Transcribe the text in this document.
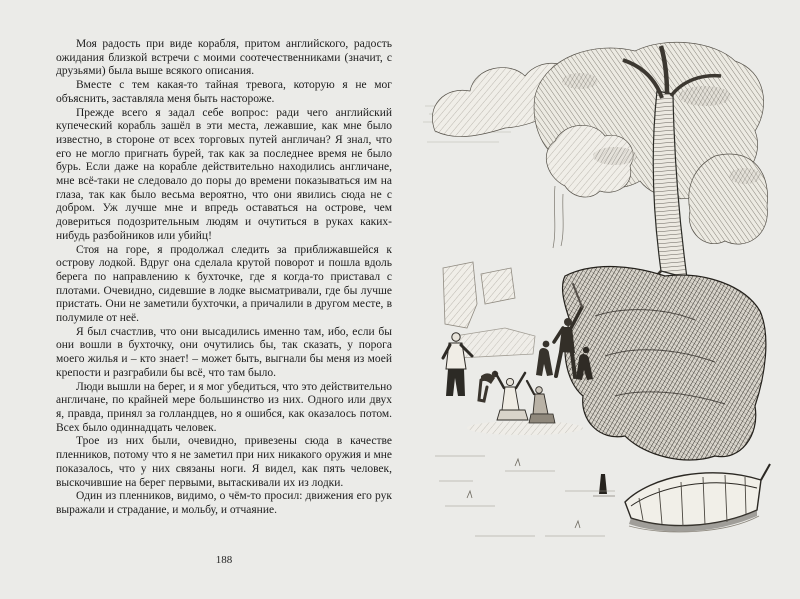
Моя радость при виде корабля, притом английского, радость ожидания близкой встречи с моими соотечественниками (значит, с друзьями) была выше всякого описания.

Вместе с тем какая-то тайная тревога, которую я не мог объяснить, заставляла меня быть настороже.

Прежде всего я задал себе вопрос: ради чего английский купеческий корабль зашёл в эти места, лежавшие, как мне было известно, в стороне от всех торговых путей англичан? Я знал, что его не могло пригнать бурей, так как за последнее время не было бурь. Если даже на корабле действительно находились англичане, мне всё-таки не следовало до поры до времени показываться им на глаза, так как было весьма вероятно, что они явились сюда не с добром. Уж лучше мне и впредь оставаться на острове, чем довериться подозрительным людям и очутиться в руках каких-нибудь разбойников или убийц!

Стоя на горе, я продолжал следить за приближавшейся к острову лодкой. Вдруг она сделала крутой поворот и пошла вдоль берега по направлению к бухточке, где я когда-то приставал с плотами. Очевидно, сидевшие в лодке высматривали, где бы лучше пристать. Они не заметили бухточки, а причалили в другом месте, в полумиле от неё.

Я был счастлив, что они высадились именно там, ибо, если бы они вошли в бухточку, они очутились бы, так сказать, у порога моего жилья и – кто знает! – может быть, выгнали бы меня из моей крепости и разграбили бы всё, что там было.

Люди вышли на берег, и я мог убедиться, что это действительно англичане, по крайней мере большинство из них. Одного или двух я, правда, принял за голландцев, но я ошибся, как оказалось потом. Всех было одиннадцать человек.

Трое из них были, очевидно, привезены сюда в качестве пленников, потому что я не заметил при них никакого оружия и мне показалось, что у них связаны ноги. Я видел, как пять человек, выскочившие на берег первыми, вытаскивали их из лодки.

Один из пленников, видимо, о чём-то просил: движения его рук выражали и страдание, и мольбу, и отчаяние.

188
